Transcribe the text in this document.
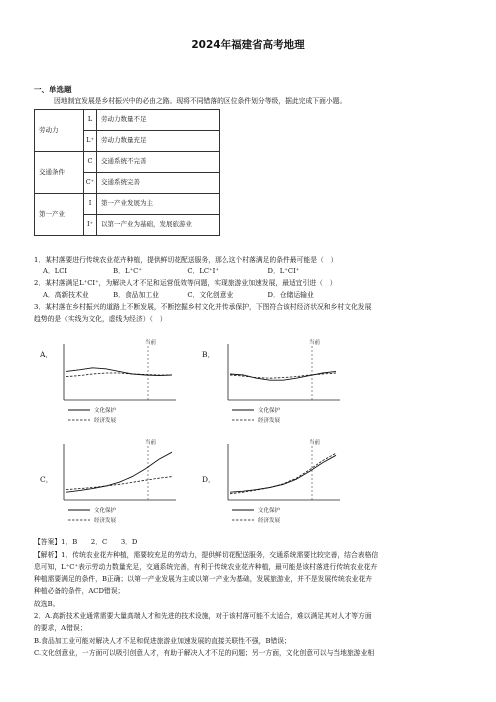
2024年福建省高考地理
一、单选题
因地制宜发展是乡村振兴中的必由之路。现将不同错落的区位条件划分等级，据此完成下面小题。
劳动力	L	劳动力数量不足
	L⁺	劳动力数量充足
交通条件	C	交通系统不完善
	C⁺	交通系统完善
第一产业	I	第一产业发展为主
	I⁺	以第一产业为基础，发展旅游业
1．某村落要进行传统农业花卉种植，提供鲜切花配送服务，那么这个村落满足的条件最可能是（　）
A．LCI	B．L⁺C⁺	C．LC⁺I⁺	D．L⁺CI⁺
2．某村落满足L⁺CI⁺，为解决人才不足和运营低效等问题，实现旅游业加速发展，最适宜引进（　）
A．高新技术业	B．食品加工业	C．文化创意业	D．仓储运输业
3．某村落在乡村振兴的道路上不断发展，不断挖掘乡村文化并传承保护，下图符合该村经济状况和乡村文化发展
趋势的是（实线为文化，虚线为经济）（　）
A．
当前
文化保护
经济发展
B．
当前
文化保护
经济发展
C．
当前
文化保护
经济发展
D．
当前
文化保护
经济发展
【答案】1．B　　2．C　　3．D
【解析】1．传统农业花卉种植，需要较充足的劳动力，提供鲜切花配送服务，交通系统需要比较完善，结合表格信
息可知，L⁺C⁺表示劳动力数量充足，交通系统完善，有利于传统农业花卉种植，最可能是该村落进行传统农业花卉
种植需要满足的条件，B正确；以第一产业发展为主或以第一产业为基础，发展旅游业，并不是发展传统农业花卉
种植必备的条件，ACD错误；
故选B。
2．A.高新技术业通常需要大量高端人才和先进的技术设施，对于该村落可能不太适合，难以满足其对人才等方面
的要求，A错误；
B.食品加工业可能对解决人才不足和促进旅游业加速发展的直接关联性不强，B错误；
C.文化创意业，一方面可以吸引创意人才，有助于解决人才不足的问题；另一方面，文化创意可以与当地旅游业相
